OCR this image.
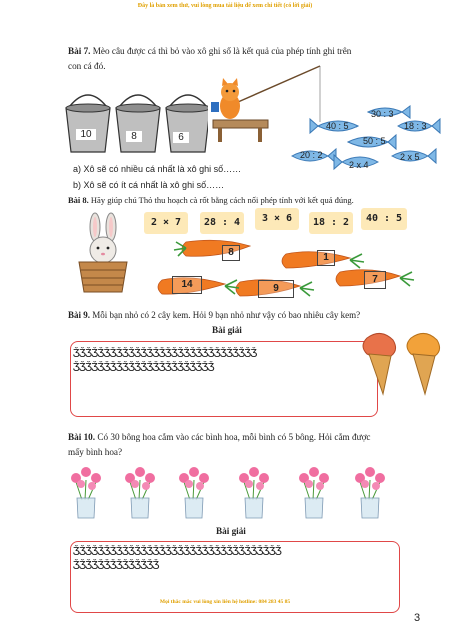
Đây là bản xem thử, vui lòng mua tài liệu để xem chi tiết (có lời giải)
Bài 7. Mèo câu được cá thì bỏ vào xô ghi số là kết quả của phép tính ghi trên
con cá đó.
10	8	6
30 : 3
40 : 5	18 : 3
50 : 5
20 : 2
2 x 4
2 x 5
a) Xô sẽ có nhiều cá nhất là xô ghi số……
b) Xô sẽ có ít cá nhất là xô ghi số……
Bài 8. Hãy giúp chú Thỏ thu hoạch cà rốt bằng cách nối phép tính với kết quả đúng.
2 × 7	28 : 4	3 × 6	18 : 2	40 : 5
8	1
14	9
7
Bài 9. Mỗi bạn nhỏ có 2 cây kem. Hỏi 9 bạn nhỏ như vậy có bao nhiêu cây kem?
Bài giải
ǮǮǮǮǮǮǮǮǮǮǮǮǮǮǮǮǮǮǮǮǮǮǮǮǮǮǮǮǮǮ
ǮǮǮǮǮǮǮǮǮǮǮǮǮǮǮǮǮǮǮǮǮǮǮ
Bài 10. Có 30 bông hoa cắm vào các bình hoa, mỗi bình có 5 bông. Hỏi cắm được
mấy bình hoa?
Bài giải
ǮǮǮǮǮǮǮǮǮǮǮǮǮǮǮǮǮǮǮǮǮǮǮǮǮǮǮǮǮǮǮǮǮǮ
ǮǮǮǮǮǮǮǮǮǮǮǮǮǮ
Mọi thắc mắc vui lòng xin liên hệ hotline: 084 283 45 85
3
